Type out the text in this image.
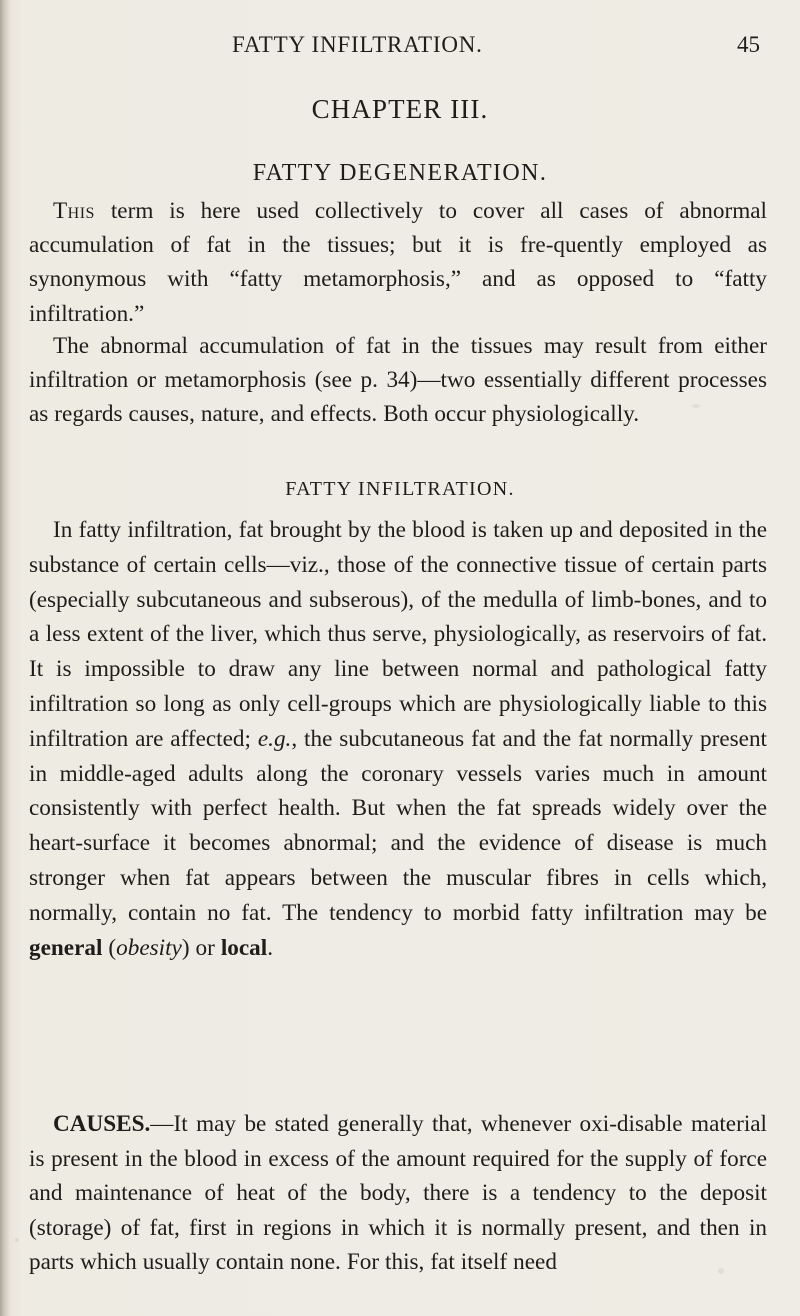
FATTY INFILTRATION.	45
CHAPTER III.
FATTY DEGENERATION.
This term is here used collectively to cover all cases of abnormal accumulation of fat in the tissues; but it is fre-quently employed as synonymous with “fatty metamorphosis,” and as opposed to “fatty infiltration.”
The abnormal accumulation of fat in the tissues may result from either infiltration or metamorphosis (see p. 34)—two essentially different processes as regards causes, nature, and effects. Both occur physiologically.
FATTY INFILTRATION.
In fatty infiltration, fat brought by the blood is taken up and deposited in the substance of certain cells—viz., those of the connective tissue of certain parts (especially subcutaneous and subserous), of the medulla of limb-bones, and to a less extent of the liver, which thus serve, physiologically, as reservoirs of fat. It is impossible to draw any line between normal and pathological fatty infiltration so long as only cell-groups which are physiologically liable to this infiltration are affected; e.g., the subcutaneous fat and the fat normally present in middle-aged adults along the coronary vessels varies much in amount consistently with perfect health. But when the fat spreads widely over the heart-surface it becomes abnormal; and the evidence of disease is much stronger when fat appears between the muscular fibres in cells which, normally, contain no fat. The tendency to morbid fatty infiltration may be general (obesity) or local.
CAUSES.—It may be stated generally that, whenever oxi-disable material is present in the blood in excess of the amount required for the supply of force and maintenance of heat of the body, there is a tendency to the deposit (storage) of fat, first in regions in which it is normally present, and then in parts which usually contain none. For this, fat itself need
